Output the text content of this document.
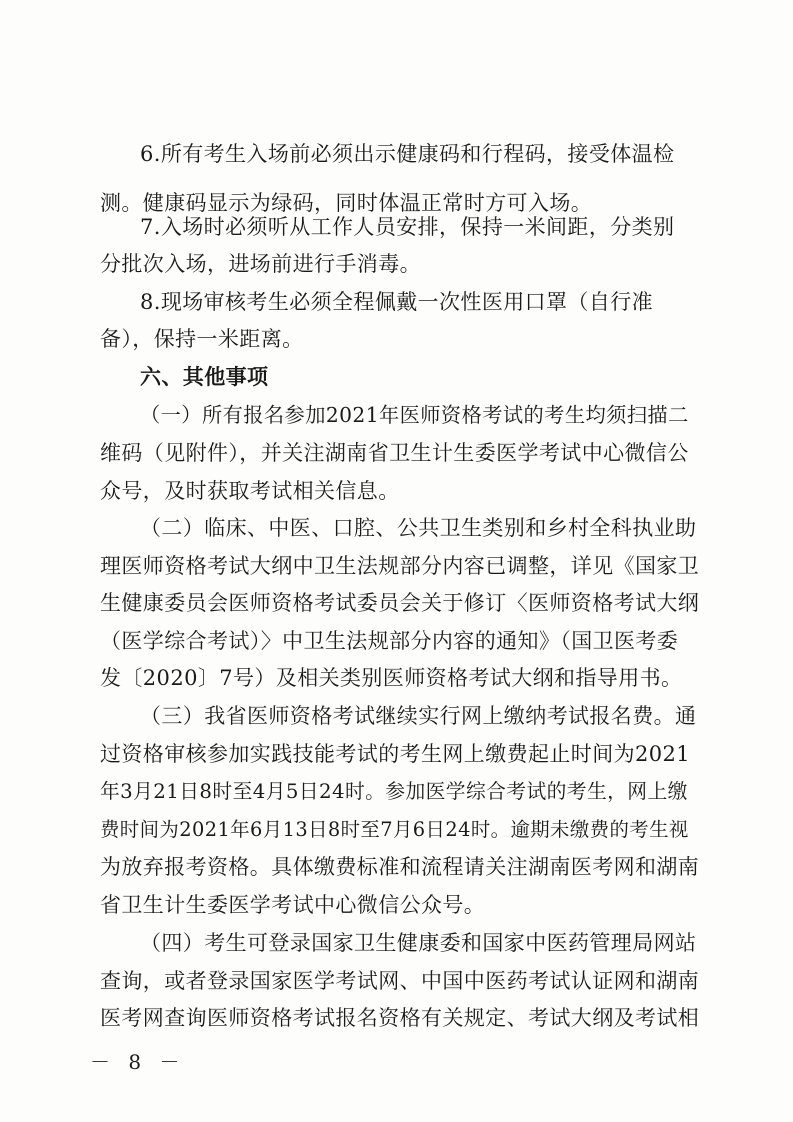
6.所有考生入场前必须出示健康码和行程码，接受体温检
测。健康码显示为绿码，同时体温正常时方可入场。
7.入场时必须听从工作人员安排，保持一米间距，分类别
分批次入场，进场前进行手消毒。
8.现场审核考生必须全程佩戴一次性医用口罩（自行准
备），保持一米距离。
六、其他事项
（一）所有报名参加2021年医师资格考试的考生均须扫描二
维码（见附件），并关注湖南省卫生计生委医学考试中心微信公
众号，及时获取考试相关信息。
（二）临床、中医、口腔、公共卫生类别和乡村全科执业助
理医师资格考试大纲中卫生法规部分内容已调整，详见《国家卫
生健康委员会医师资格考试委员会关于修订〈医师资格考试大纲
（医学综合考试）〉中卫生法规部分内容的通知》（国卫医考委
发〔2020〕7号）及相关类别医师资格考试大纲和指导用书。
（三）我省医师资格考试继续实行网上缴纳考试报名费。通
过资格审核参加实践技能考试的考生网上缴费起止时间为2021
年3月21日8时至4月5日24时。参加医学综合考试的考生，网上缴
费时间为2021年6月13日8时至7月6日24时。逾期未缴费的考生视
为放弃报考资格。具体缴费标准和流程请关注湖南医考网和湖南
省卫生计生委医学考试中心微信公众号。
（四）考生可登录国家卫生健康委和国家中医药管理局网站
查询，或者登录国家医学考试网、中国中医药考试认证网和湖南
医考网查询医师资格考试报名资格有关规定、考试大纲及考试相
－ 8 －
